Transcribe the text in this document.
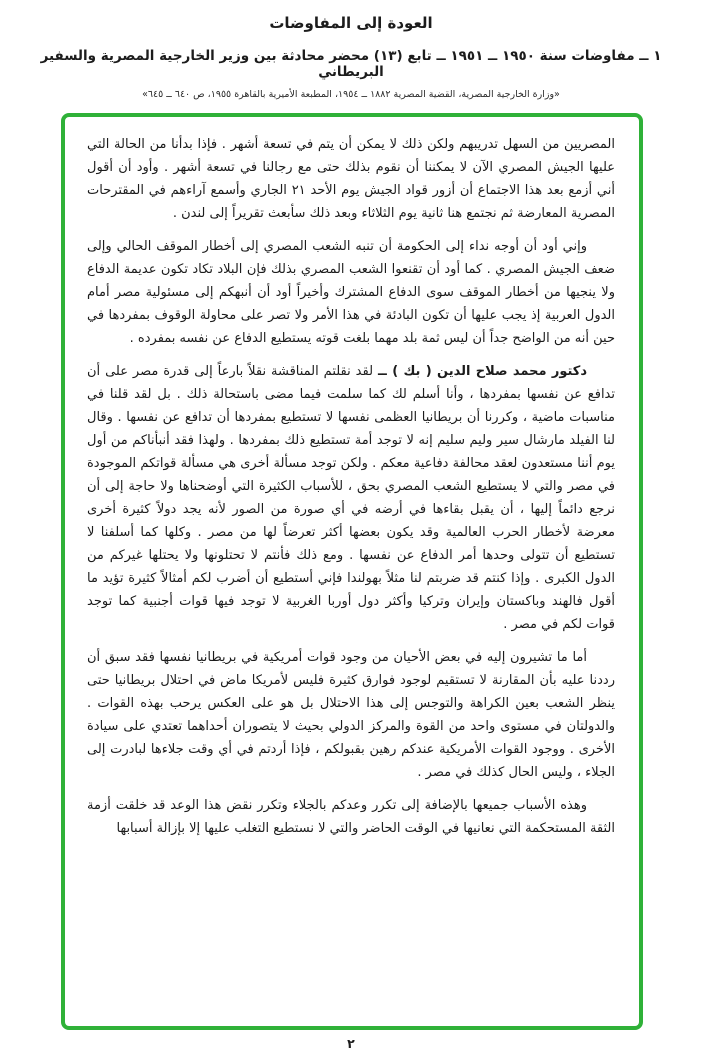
العودة إلى المفاوضات
١ ــ مفاوضات سنة ١٩٥٠ ــ ١٩٥١ ــ تابع (١٣) محضر محادثة بين وزير الخارجية المصرية والسفير البريطاني
«وزارة الخارجية المصرية، القضية المصرية ١٨٨٢ ــ ١٩٥٤، المطبعة الأميرية بالقاهرة ١٩٥٥، ص ٦٤٠ ــ ٦٤٥»

المصريين من السهل تدريبهم ولكن ذلك لا يمكن أن يتم في تسعة أشهر . فإذا بدأنا من الحالة التي عليها الجيش المصري الآن لا يمكننا أن نقوم بذلك حتى مع رجالنا في تسعة أشهر . وأود أن أقول أني أزمع بعد هذا الاجتماع أن أزور قواد الجيش يوم الأحد ٢١ الجاري وأسمع آراءهم في المقترحات المصرية المعارضة ثم نجتمع هنا ثانية يوم الثلاثاء وبعد ذلك سأبعث تقريراً إلى لندن .

وإني أود أن أوجه نداء إلى الحكومة أن تنبه الشعب المصري إلى أخطار الموقف الحالي وإلى ضعف الجيش المصري . كما أود أن تقنعوا الشعب المصري بذلك فإن البلاد تكاد تكون عديمة الدفاع ولا ينجيها من أخطار الموقف سوى الدفاع المشترك وأخيراً أود أن أنبهكم إلى مسئولية مصر أمام الدول العربية إذ يجب عليها أن تكون البادئة في هذا الأمر ولا تصر على محاولة الوقوف بمفردها في حين أنه من الواضح جداً أن ليس ثمة بلد مهما بلغت قوته يستطيع الدفاع عن نفسه بمفرده .

دكتور محمد صلاح الدين ( بك ) ــ لقد نقلتم المناقشة نقلاً بارعاً إلى قدرة مصر على أن تدافع عن نفسها بمفردها ، وأنا أسلم لك كما سلمت فيما مضى باستحالة ذلك . بل لقد قلنا في مناسبات ماضية ، وكررنا أن بريطانيا العظمى نفسها لا تستطيع بمفردها أن تدافع عن نفسها . وقال لنا الفيلد مارشال سير وليم سليم إنه لا توجد أمة تستطيع ذلك بمفردها . ولهذا فقد أنبأناكم من أول يوم أننا مستعدون لعقد محالفة دفاعية معكم . ولكن توجد مسألة أخرى هي مسألة قواتكم الموجودة في مصر والتي لا يستطيع الشعب المصري بحق ، للأسباب الكثيرة التي أوضحناها ولا حاجة إلى أن نرجع دائماً إليها ، أن يقبل بقاءها في أرضه في أي صورة من الصور لأنه يجد دولاً كثيرة أخرى معرضة لأخطار الحرب العالمية وقد يكون بعضها أكثر تعرضاً لها من مصر . وكلها كما أسلفنا لا تستطيع أن تتولى وحدها أمر الدفاع عن نفسها . ومع ذلك فأنتم لا تحتلونها ولا يحتلها غيركم من الدول الكبرى . وإذا كنتم قد ضربتم لنا مثلاً بهولندا فإني أستطيع أن أضرب لكم أمثالاً كثيرة تؤيد ما أقول فالهند وباكستان وإيران وتركيا وأكثر دول أوربا الغربية لا توجد فيها قوات أجنبية كما توجد قوات لكم في مصر .

أما ما تشيرون إليه في بعض الأحيان من وجود قوات أمريكية في بريطانيا نفسها فقد سبق أن رددنا عليه بأن المقارنة لا تستقيم لوجود فوارق كثيرة فليس لأمريكا ماض في احتلال بريطانيا حتى ينظر الشعب بعين الكراهة والتوجس إلى هذا الاحتلال بل هو على العكس يرحب بهذه القوات . والدولتان في مستوى واحد من القوة والمركز الدولي بحيث لا يتصوران أحداهما تعتدي على سيادة الأخرى . ووجود القوات الأمريكية عندكم رهين بقبولكم ، فإذا أردتم في أي وقت جلاءها لبادرت إلى الجلاء ، وليس الحال كذلك في مصر .

وهذه الأسباب جميعها بالإضافة إلى تكرر وعدكم بالجلاء وتكرر نقض هذا الوعد قد خلقت أزمة الثقة المستحكمة التي نعانيها في الوقت الحاضر والتي لا نستطيع التغلب عليها إلا بإزالة أسبابها

٢
